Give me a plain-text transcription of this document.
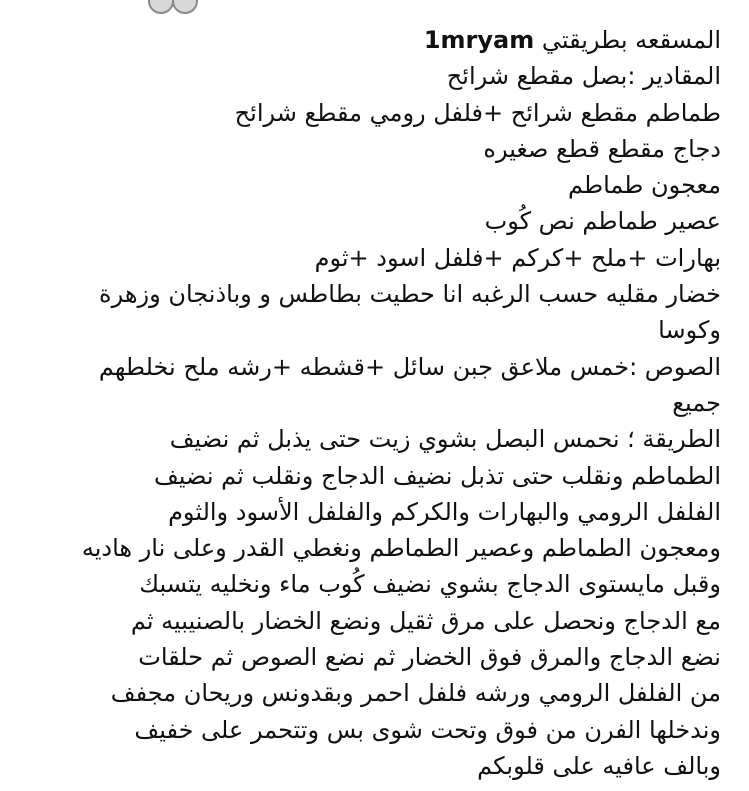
المسقعه بطريقتي 1mryam
المقادير :بصل مقطع شرائح
طماطم مقطع شرائح +فلفل رومي مقطع شرائح
دجاج مقطع قطع صغيره
معجون طماطم
عصير طماطم نص كُوب
بهارات +ملح +كركم +فلفل اسود +ثوم
خضار مقليه حسب الرغبه انا حطيت بطاطس و وباذنجان وزهرة
وكوسا
الصوص :خمس ملاعق جبن سائل +قشطه +رشه ملح نخلطهم
جميع
الطريقة ؛ نحمس البصل بشوي زيت حتى يذبل ثم نضيف
الطماطم ونقلب حتى تذبل نضيف الدجاج ونقلب ثم نضيف
الفلفل الرومي والبهارات والكركم والفلفل الأسود والثوم
ومعجون الطماطم وعصير الطماطم ونغطي القدر وعلى نار هاديه
وقبل مايستوى الدجاج بشوي نضيف كُوب ماء ونخليه يتسبك
مع الدجاج ونحصل على مرق ثقيل ونضع الخضار بالصنيبيه ثم
نضع الدجاج والمرق فوق الخضار ثم نضع الصوص ثم حلقات
من الفلفل الرومي ورشه فلفل احمر وبقدونس وريحان مجفف
وندخلها الفرن من فوق وتحت شوى بس وتتحمر على خفيف
وبالف عافيه على قلوبكم
